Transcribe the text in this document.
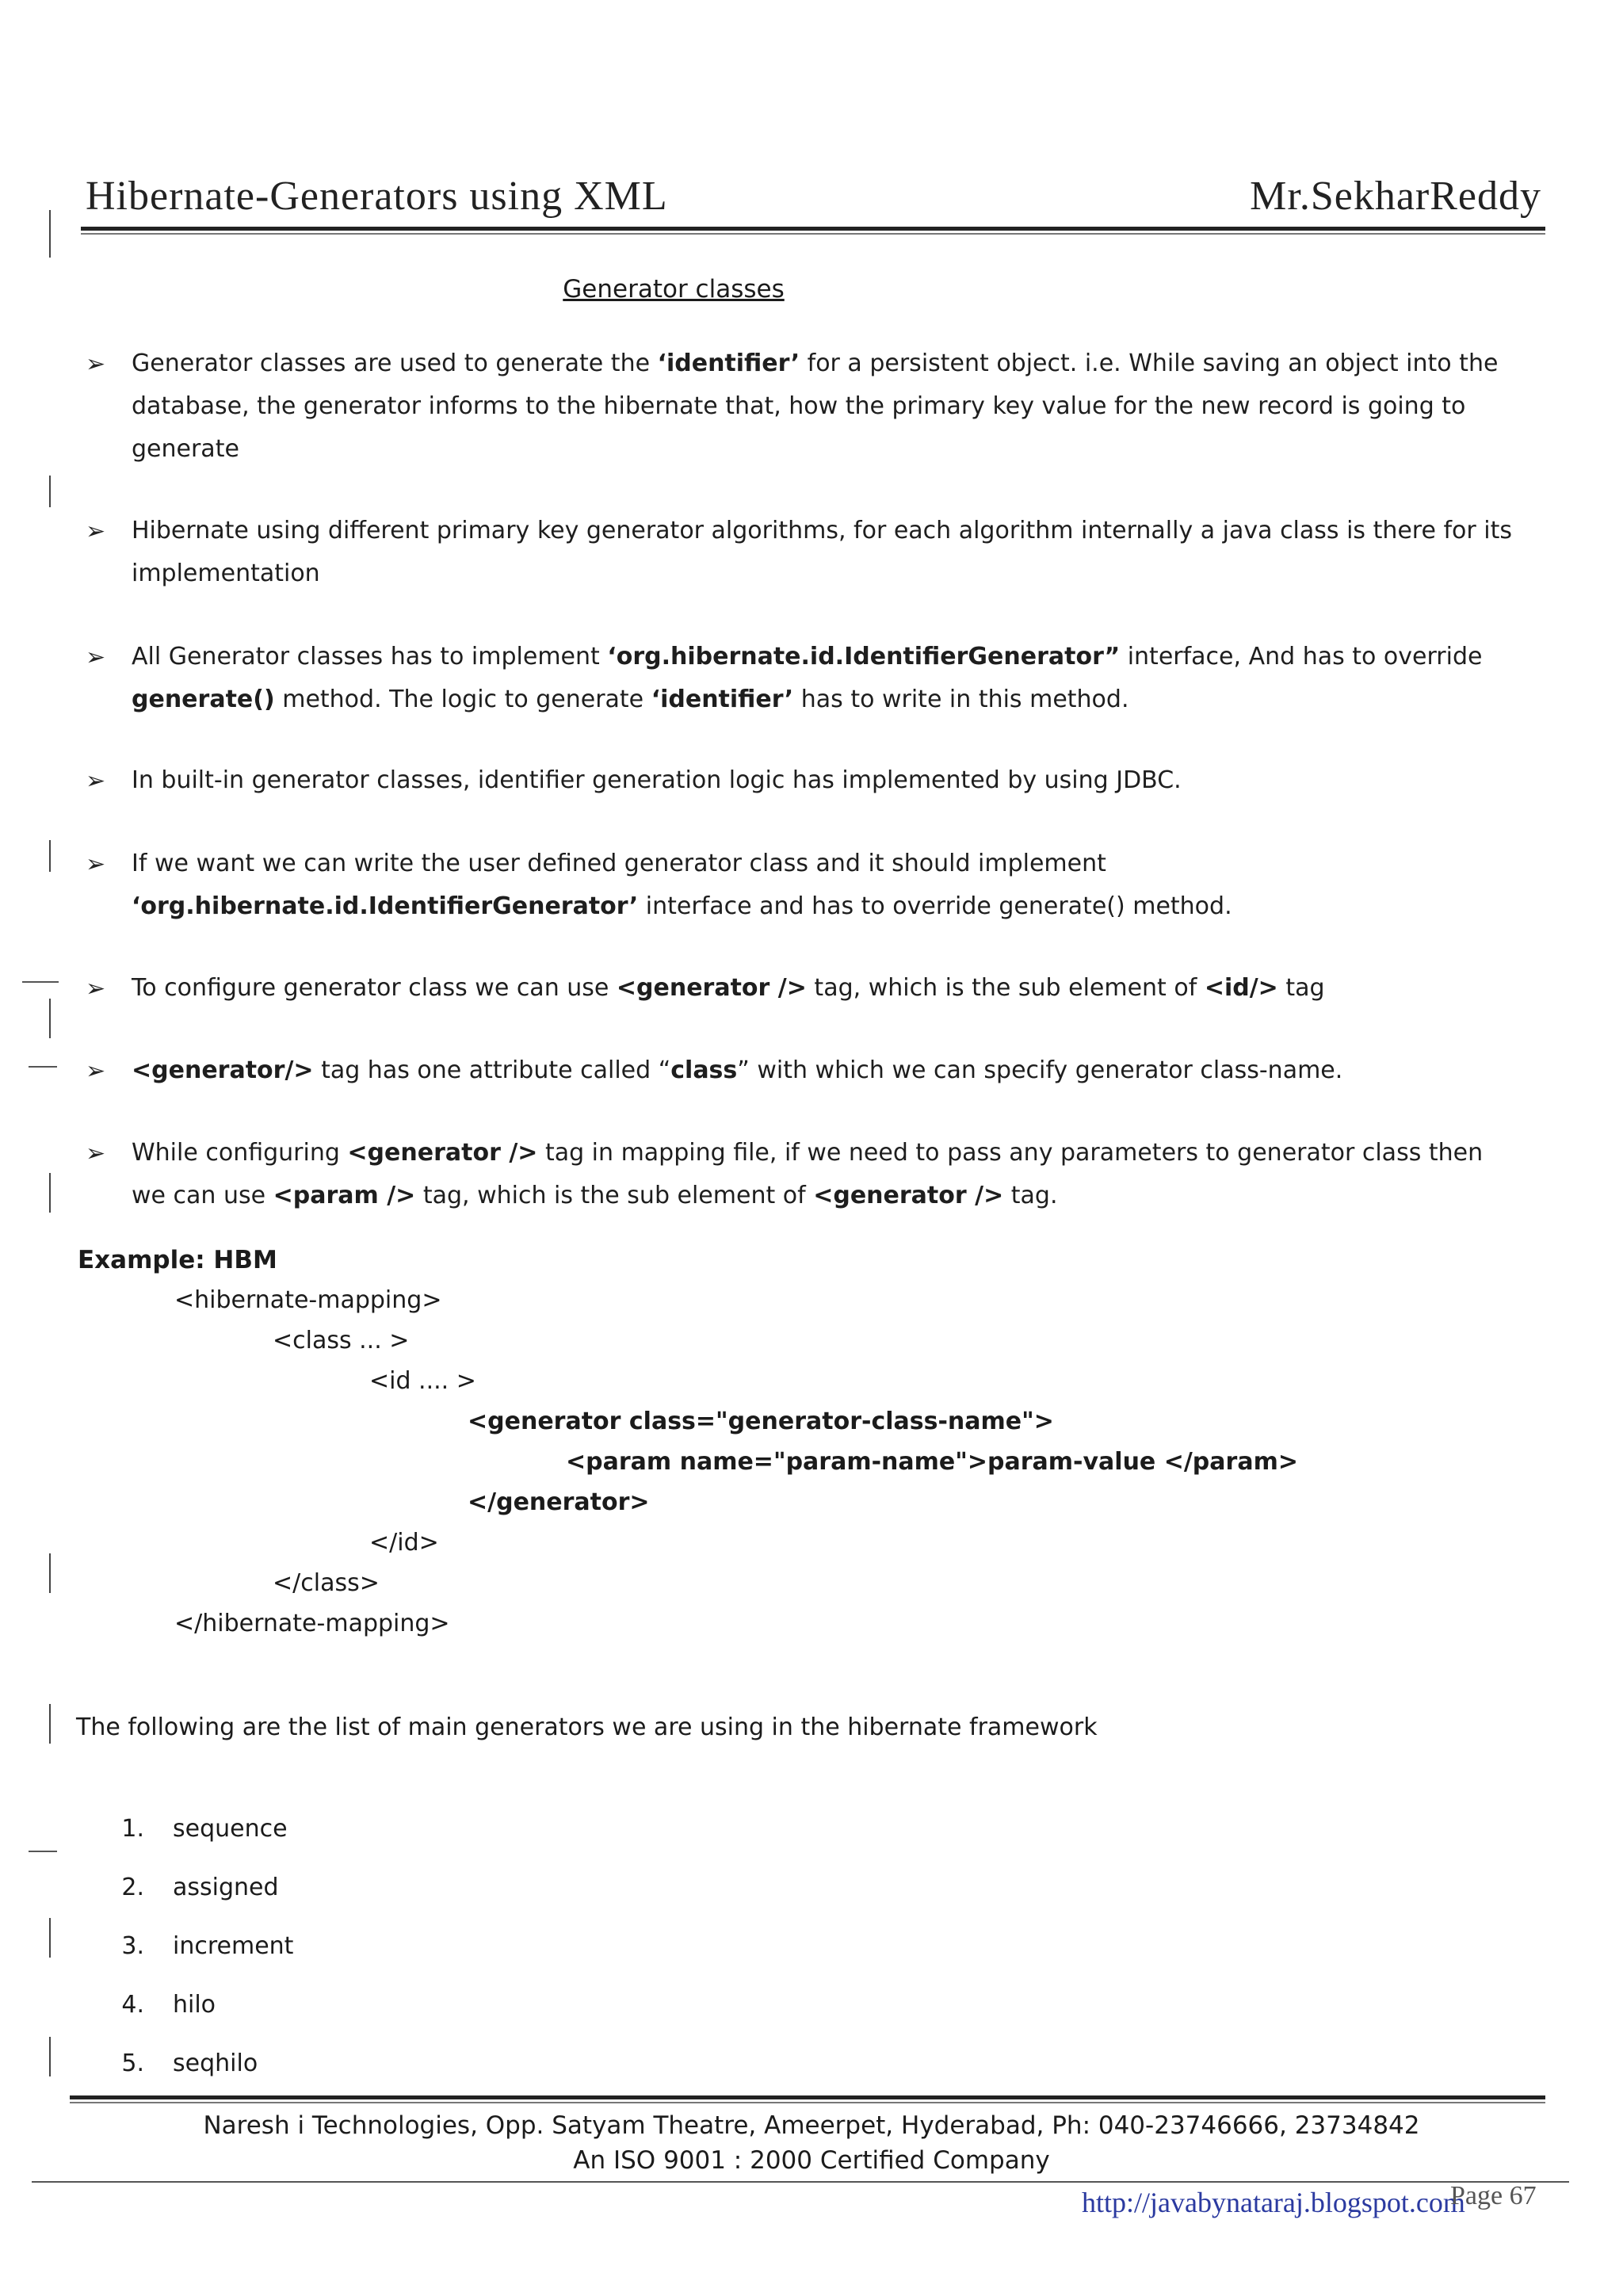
Hibernate-Generators using XML	Mr.SekharReddy
Generator classes
➢ Generator classes are used to generate the ‘identifier’ for a persistent object. i.e. While saving an object into the database, the generator informs to the hibernate that, how the primary key value for the new record is going to generate
➢ Hibernate using different primary key generator algorithms, for each algorithm internally a java class is there for its implementation
➢ All Generator classes has to implement ‘org.hibernate.id.IdentifierGenerator” interface, And has to override generate() method. The logic to generate ‘identifier’ has to write in this method.
➢ In built-in generator classes, identifier generation logic has implemented by using JDBC.
➢ If we want we can write the user defined generator class and it should implement ‘org.hibernate.id.IdentifierGenerator’ interface and has to override generate() method.
➢ To configure generator class we can use <generator /> tag, which is the sub element of <id/> tag
➢ <generator/> tag has one attribute called “class” with which we can specify generator class-name.
➢ While configuring <generator /> tag in mapping file, if we need to pass any parameters to generator class then we can use <param /> tag, which is the sub element of <generator /> tag.
Example: HBM
<hibernate-mapping>
<class ... >
<id .... >
<generator class="generator-class-name">
<param name="param-name">param-value </param>
</generator>
</id>
</class>
</hibernate-mapping>
The following are the list of main generators we are using in the hibernate framework
1. sequence
2. assigned
3. increment
4. hilo
5. seqhilo
Naresh i Technologies, Opp. Satyam Theatre, Ameerpet, Hyderabad, Ph: 040-23746666, 23734842
An ISO 9001 : 2000 Certified Company
http://javabynataraj.blogspot.com
Page 67
